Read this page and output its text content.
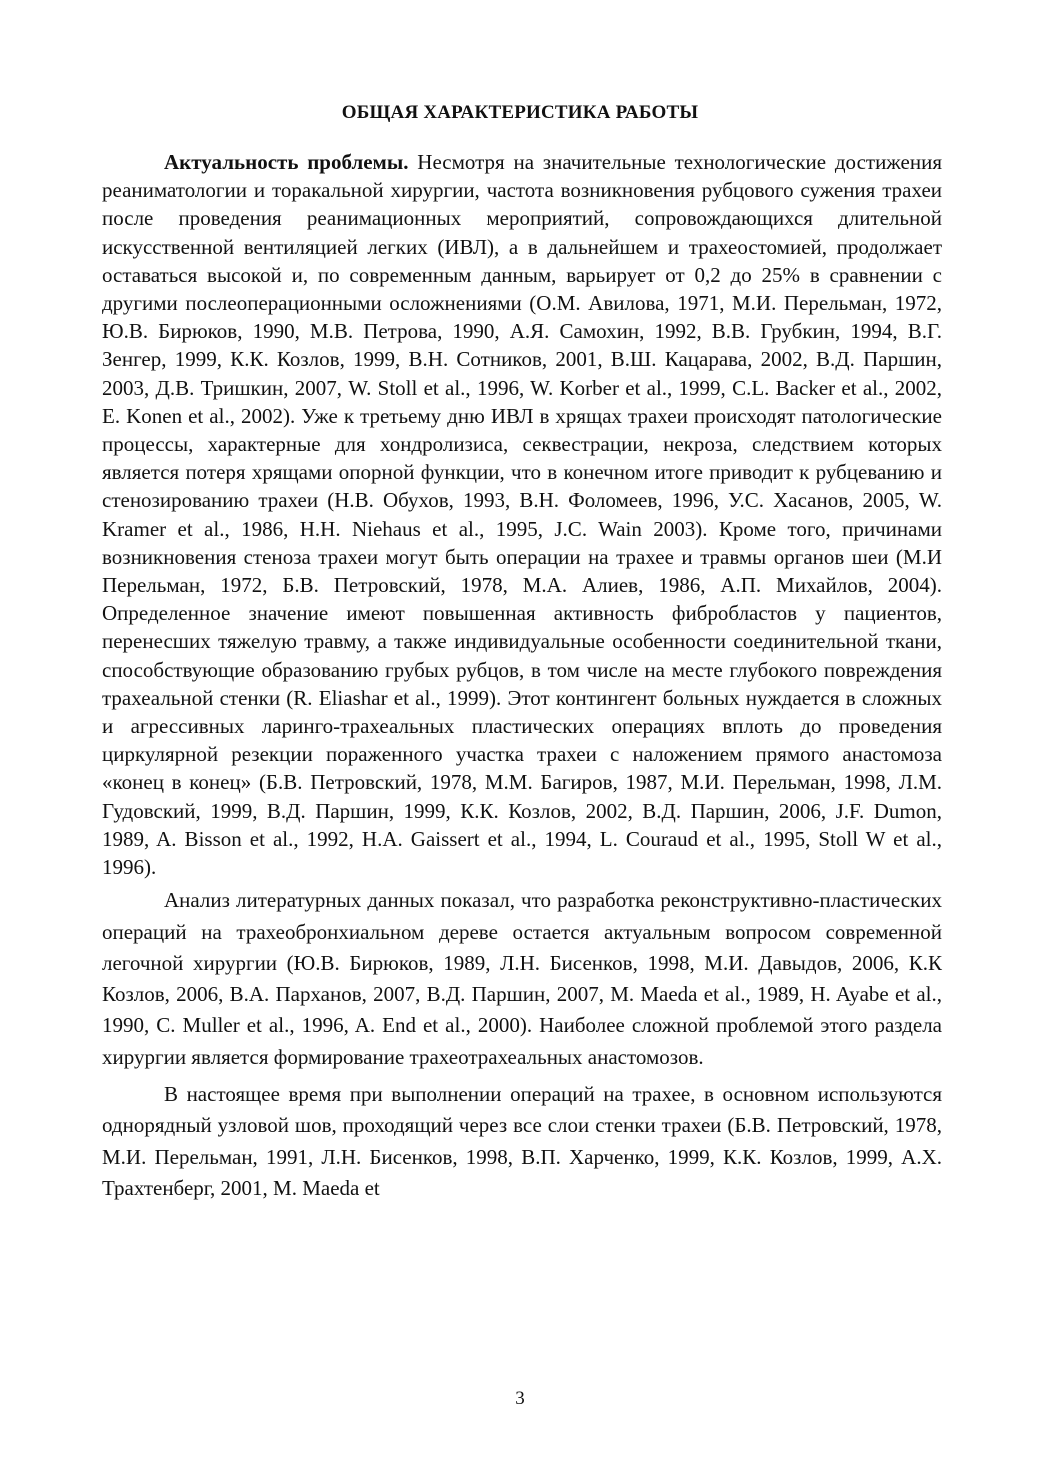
ОБЩАЯ ХАРАКТЕРИСТИКА РАБОТЫ

Актуальность проблемы. Несмотря на значительные технологические достижения реаниматологии и торакальной хирургии, частота возникновения рубцового сужения трахеи после проведения реанимационных мероприятий, сопровождающихся длительной искусственной вентиляцией легких (ИВЛ), а в дальнейшем и трахеостомией, продолжает оставаться высокой и, по современным данным, варьирует от 0,2 до 25% в сравнении с другими послеоперационными осложнениями (О.М. Авилова, 1971, М.И. Перельман, 1972, Ю.В. Бирюков, 1990, М.В. Петрова, 1990, А.Я. Самохин, 1992, В.В. Грубкин, 1994, В.Г. Зенгер, 1999, К.К. Козлов, 1999, В.Н. Сотников, 2001, В.Ш. Кацарава, 2002, В.Д. Паршин, 2003, Д.В. Тришкин, 2007, W. Stoll et al., 1996, W. Korber et al., 1999, C.L. Backer et al., 2002, E. Konen et al., 2002). Уже к третьему дню ИВЛ в хрящах трахеи происходят патологические процессы, характерные для хондролизиса, секвестрации, некроза, следствием которых является потеря хрящами опорной функции, что в конечном итоге приводит к рубцеванию и стенозированию трахеи (Н.В. Обухов, 1993, В.Н. Фоломеев, 1996, У.С. Хасанов, 2005, W. Kramer et al., 1986, H.H. Niehaus et al., 1995, J.C. Wain 2003). Кроме того, причинами возникновения стеноза трахеи могут быть операции на трахее и травмы органов шеи (М.И Перельман, 1972, Б.В. Петровский, 1978, М.А. Алиев, 1986, А.П. Михайлов, 2004). Определенное значение имеют повышенная активность фибробластов у пациентов, перенесших тяжелую травму, а также индивидуальные особенности соединительной ткани, способствующие образованию грубых рубцов, в том числе на месте глубокого повреждения трахеальной стенки (R. Eliashar et al., 1999). Этот контингент больных нуждается в сложных и агрессивных ларинго-трахеальных пластических операциях вплоть до проведения циркулярной резекции пораженного участка трахеи с наложением прямого анастомоза «конец в конец» (Б.В. Петровский, 1978, М.М. Багиров, 1987, М.И. Перельман, 1998, Л.М. Гудовский, 1999, В.Д. Паршин, 1999, К.К. Козлов, 2002, В.Д. Паршин, 2006, J.F. Dumon, 1989, A. Bisson et al., 1992, H.A. Gaissert et al., 1994, L. Couraud et al., 1995, Stoll W et al., 1996).

Анализ литературных данных показал, что разработка реконструктивно-пластических операций на трахеобронхиальном дереве остается актуальным вопросом современной легочной хирургии (Ю.В. Бирюков, 1989, Л.Н. Бисенков, 1998, М.И. Давыдов, 2006, К.К Козлов, 2006, В.А. Парханов, 2007, В.Д. Паршин, 2007, M. Maeda et al., 1989, H. Ayabe et al., 1990, C. Muller et al., 1996, A. End et al., 2000). Наиболее сложной проблемой этого раздела хирургии является формирование трахеотрахеальных анастомозов.

В настоящее время при выполнении операций на трахее, в основном используются однорядный узловой шов, проходящий через все слои стенки трахеи (Б.В. Петровский, 1978, М.И. Перельман, 1991, Л.Н. Бисенков, 1998, В.П. Харченко, 1999, К.К. Козлов, 1999, А.Х. Трахтенберг, 2001, M. Maeda et

3
